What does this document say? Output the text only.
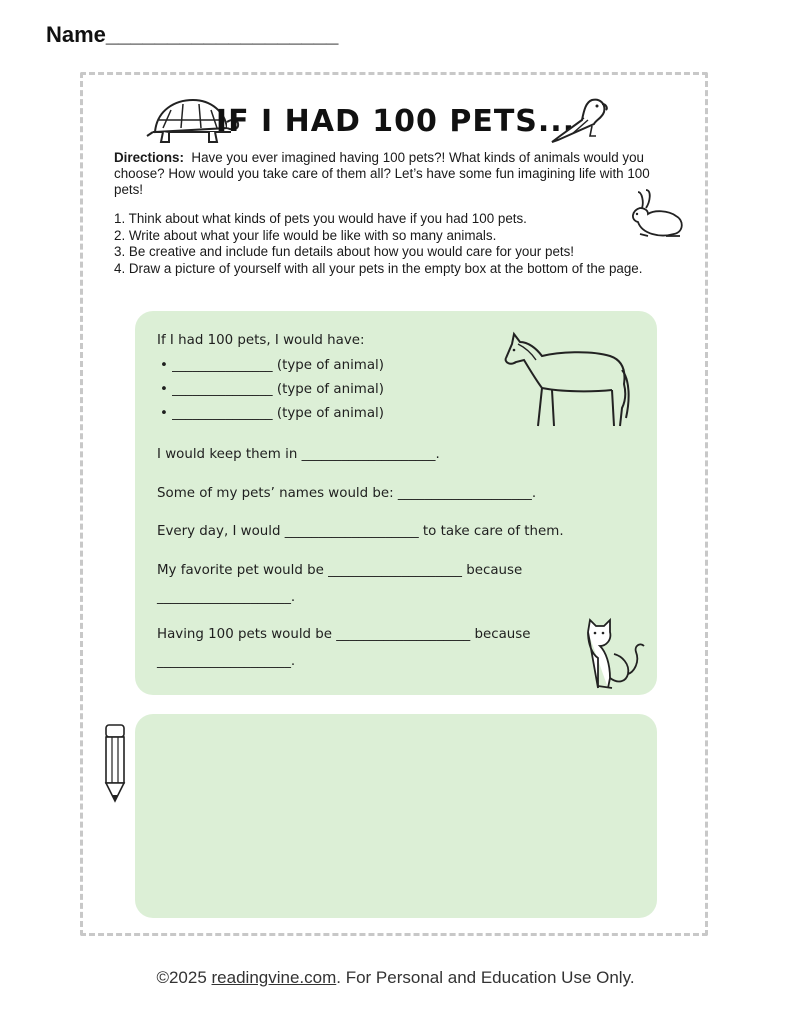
Name___________________
IF I HAD 100 PETS...
Directions: Have you ever imagined having 100 pets?! What kinds of animals would you choose? How would you take care of them all? Let’s have some fun imagining life with 100 pets!
1. Think about what kinds of pets you would have if you had 100 pets.
2. Write about what your life would be like with so many animals.
3. Be creative and include fun details about how you would care for your pets!
4. Draw a picture of yourself with all your pets in the empty box at the bottom of the page.
If I had 100 pets, I would have:
• _______________ (type of animal)
• _______________ (type of animal)
• _______________ (type of animal)
I would keep them in ____________________.
Some of my pets’ names would be: ____________________.
Every day, I would ____________________ to take care of them.
My favorite pet would be ____________________ because
____________________.
Having 100 pets would be ____________________ because
____________________.
©2025 readingvine.com. For Personal and Education Use Only.
